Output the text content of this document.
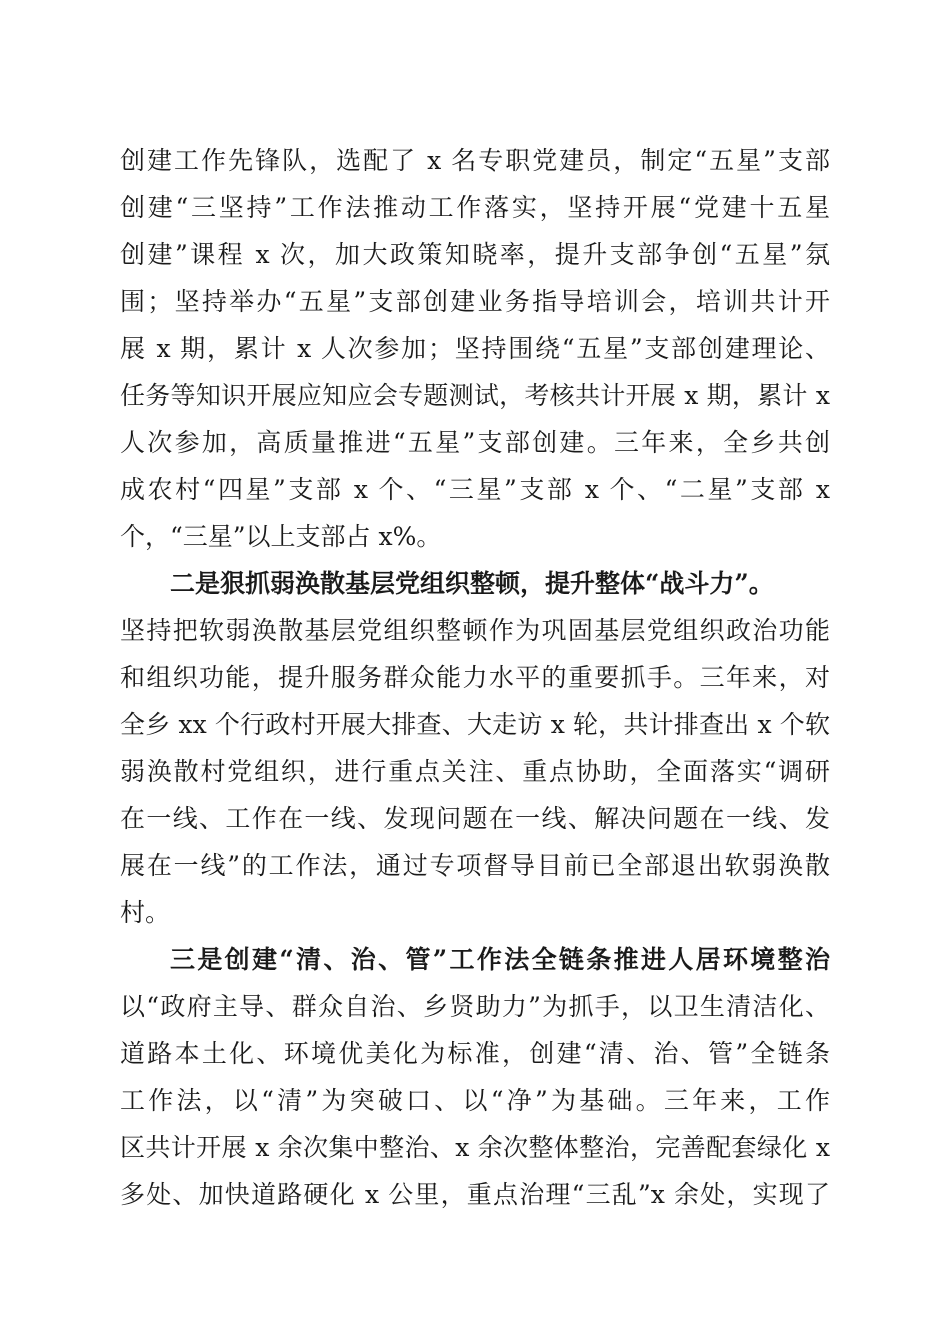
创建工作先锋队，选配了 x 名专职党建员，制定“五星”支部
创建“三坚持”工作法推动工作落实，坚持开展“党建十五星
创建”课程 x 次，加大政策知晓率，提升支部争创“五星”氛
围；坚持举办“五星”支部创建业务指导培训会，培训共计开
展 x 期，累计 x 人次参加；坚持围绕“五星”支部创建理论、
任务等知识开展应知应会专题测试，考核共计开展 x 期，累计 x
人次参加，高质量推进“五星”支部创建。三年来，全乡共创
成农村“四星”支部 x 个、“三星”支部 x 个、“二星”支部 x
个，“三星”以上支部占 x%。
二是狠抓弱涣散基层党组织整顿，提升整体“战斗力”。
坚持把软弱涣散基层党组织整顿作为巩固基层党组织政治功能
和组织功能，提升服务群众能力水平的重要抓手。三年来，对
全乡 xx 个行政村开展大排查、大走访 x 轮，共计排查出 x 个软
弱涣散村党组织，进行重点关注、重点协助，全面落实“调研
在一线、工作在一线、发现问题在一线、解决问题在一线、发
展在一线”的工作法，通过专项督导目前已全部退出软弱涣散
村。
三是创建“清、治、管”工作法全链条推进人居环境整治
以“政府主导、群众自治、乡贤助力”为抓手，以卫生清洁化、
道路本土化、环境优美化为标准，创建“清、治、管”全链条
工作法，以“清”为突破口、以“净”为基础。三年来，工作
区共计开展 x 余次集中整治、x 余次整体整治，完善配套绿化 x
多处、加快道路硬化 x 公里，重点治理“三乱”x 余处，实现了
